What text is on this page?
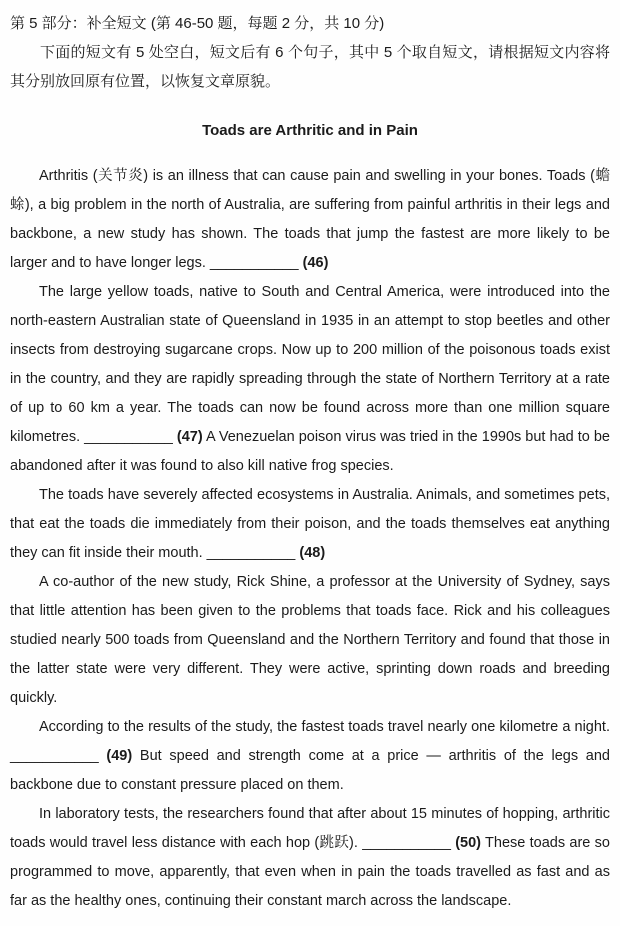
第 5 部分：补全短文 (第 46-50 题，每题 2 分，共 10 分)

下面的短文有 5 处空白，短文后有 6 个句子，其中 5 个取自短文，请根据短文内容将其分别放回原有位置，以恢复文章原貌。

Toads are Arthritic and in Pain

Arthritis (关节炎) is an illness that can cause pain and swelling in your bones. Toads (蟾蜍), a big problem in the north of Australia, are suffering from painful arthritis in their legs and backbone, a new study has shown. The toads that jump the fastest are more likely to be larger and to have longer legs. ___________ (46)

The large yellow toads, native to South and Central America, were introduced into the north-eastern Australian state of Queensland in 1935 in an attempt to stop beetles and other insects from destroying sugarcane crops. Now up to 200 million of the poisonous toads exist in the country, and they are rapidly spreading through the state of Northern Territory at a rate of up to 60 km a year. The toads can now be found across more than one million square kilometres. ___________ (47) A Venezuelan poison virus was tried in the 1990s but had to be abandoned after it was found to also kill native frog species.

The toads have severely affected ecosystems in Australia. Animals, and sometimes pets, that eat the toads die immediately from their poison, and the toads themselves eat anything they can fit inside their mouth. ___________ (48)

A co-author of the new study, Rick Shine, a professor at the University of Sydney, says that little attention has been given to the problems that toads face. Rick and his colleagues studied nearly 500 toads from Queensland and the Northern Territory and found that those in the latter state were very different. They were active, sprinting down roads and breeding quickly.

According to the results of the study, the fastest toads travel nearly one kilometre a night. ___________ (49) But speed and strength come at a price — arthritis of the legs and backbone due to constant pressure placed on them.

In laboratory tests, the researchers found that after about 15 minutes of hopping, arthritic toads would travel less distance with each hop (跳跃). ___________ (50) These toads are so programmed to move, apparently, that even when in pain the toads travelled as fast and as far as the healthy ones, continuing their constant march across the landscape.
